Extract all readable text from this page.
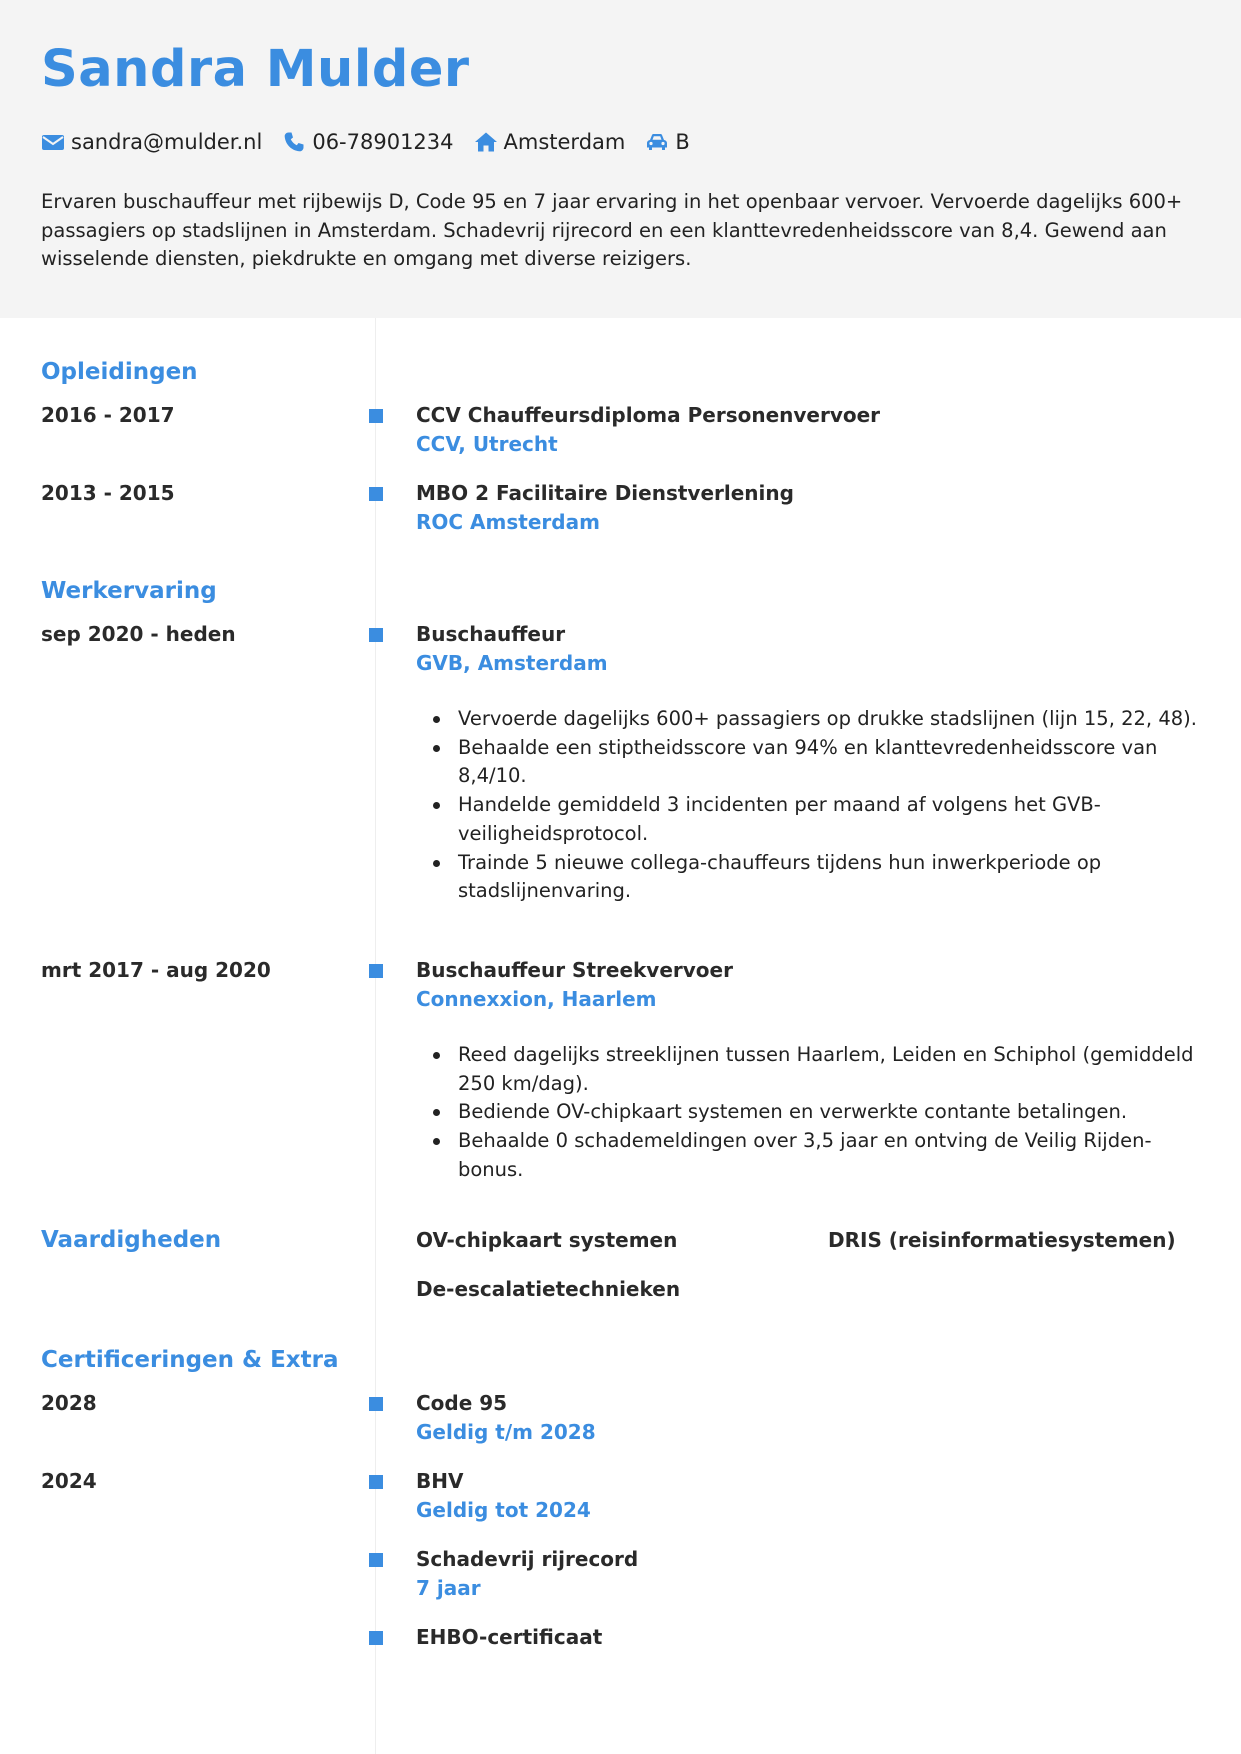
Sandra Mulder
sandra@mulder.nl 06-78901234 Amsterdam B
Ervaren buschauffeur met rijbewijs D, Code 95 en 7 jaar ervaring in het openbaar vervoer. Vervoerde dagelijks 600+ passagiers op stadslijnen in Amsterdam. Schadevrij rijrecord en een klanttevredenheidsscore van 8,4. Gewend aan wisselende diensten, piekdrukte en omgang met diverse reizigers.
Opleidingen
2016 - 2017	CCV Chauffeursdiploma Personenvervoer
CCV, Utrecht
2013 - 2015	MBO 2 Facilitaire Dienstverlening
ROC Amsterdam
Werkervaring
sep 2020 - heden	Buschauffeur
GVB, Amsterdam
Vervoerde dagelijks 600+ passagiers op drukke stadslijnen (lijn 15, 22, 48).
Behaalde een stiptheidsscore van 94% en klanttevredenheidsscore van 8,4/10.
Handelde gemiddeld 3 incidenten per maand af volgens het GVB-veiligheidsprotocol.
Trainde 5 nieuwe collega-chauffeurs tijdens hun inwerkperiode op stadslijnenvaring.
mrt 2017 - aug 2020	Buschauffeur Streekvervoer
Connexxion, Haarlem
Reed dagelijks streeklijnen tussen Haarlem, Leiden en Schiphol (gemiddeld 250 km/dag).
Bediende OV-chipkaart systemen en verwerkte contante betalingen.
Behaalde 0 schademeldingen over 3,5 jaar en ontving de Veilig Rijden-bonus.
Vaardigheden	OV-chipkaart systemen	DRIS (reisinformatiesystemen)
De-escalatietechnieken
Certificeringen & Extra
2028	Code 95
Geldig t/m 2028
2024	BHV
Geldig tot 2024
Schadevrij rijrecord
7 jaar
EHBO-certificaat
